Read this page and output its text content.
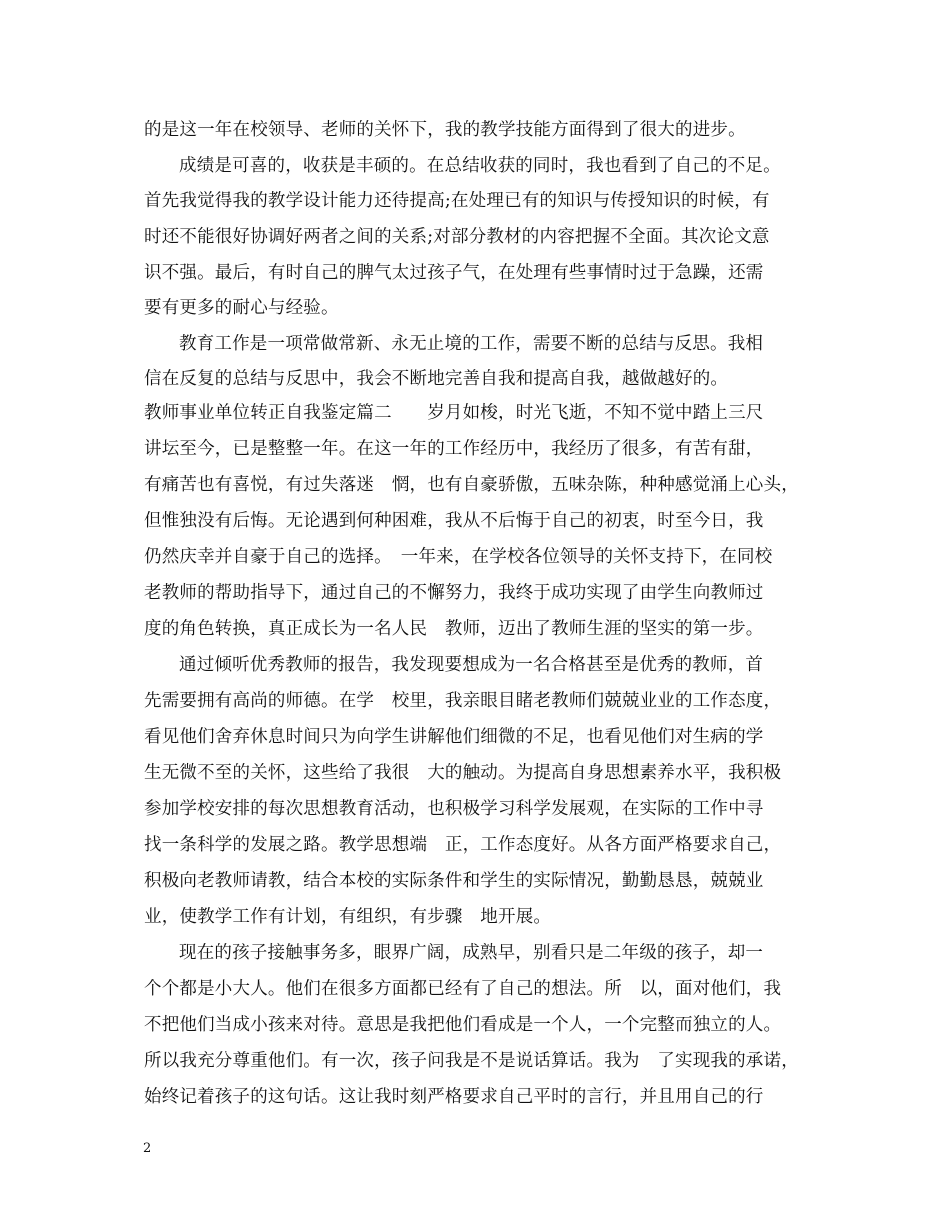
的是这一年在校领导、老师的关怀下，我的教学技能方面得到了很大的进步。
成绩是可喜的，收获是丰硕的。在总结收获的同时，我也看到了自己的不足。
首先我觉得我的教学设计能力还待提高;在处理已有的知识与传授知识的时候，有
时还不能很好协调好两者之间的关系;对部分教材的内容把握不全面。其次论文意
识不强。最后，有时自己的脾气太过孩子气，在处理有些事情时过于急躁，还需
要有更多的耐心与经验。
教育工作是一项常做常新、永无止境的工作，需要不断的总结与反思。我相
信在反复的总结与反思中，我会不断地完善自我和提高自我，越做越好的。
教师事业单位转正自我鉴定篇二　　岁月如梭，时光飞逝，不知不觉中踏上三尺
讲坛至今，已是整整一年。在这一年的工作经历中，我经历了很多，有苦有甜，
有痛苦也有喜悦，有过失落迷　惘，也有自豪骄傲，五味杂陈，种种感觉涌上心头，
但惟独没有后悔。无论遇到何种困难，我从不后悔于自己的初衷，时至今日，我
仍然庆幸并自豪于自己的选择。　一年来，在学校各位领导的关怀支持下，在同校
老教师的帮助指导下，通过自己的不懈努力，我终于成功实现了由学生向教师过
度的角色转换，真正成长为一名人民　教师，迈出了教师生涯的坚实的第一步。
通过倾听优秀教师的报告，我发现要想成为一名合格甚至是优秀的教师，首
先需要拥有高尚的师德。在学　校里，我亲眼目睹老教师们兢兢业业的工作态度，
看见他们舍弃休息时间只为向学生讲解他们细微的不足，也看见他们对生病的学
生无微不至的关怀，这些给了我很　大的触动。为提高自身思想素养水平，我积极
参加学校安排的每次思想教育活动，也积极学习科学发展观，在实际的工作中寻
找一条科学的发展之路。教学思想端　正，工作态度好。从各方面严格要求自己，
积极向老教师请教，结合本校的实际条件和学生的实际情况，勤勤恳恳，兢兢业
业，使教学工作有计划，有组织，有步骤　地开展。
现在的孩子接触事务多，眼界广阔，成熟早，别看只是二年级的孩子，却一
个个都是小大人。他们在很多方面都已经有了自己的想法。所　以，面对他们，我
不把他们当成小孩来对待。意思是我把他们看成是一个人，一个完整而独立的人。
所以我充分尊重他们。有一次，孩子问我是不是说话算话。我为　了实现我的承诺，
始终记着孩子的这句话。这让我时刻严格要求自己平时的言行，并且用自己的行
2
